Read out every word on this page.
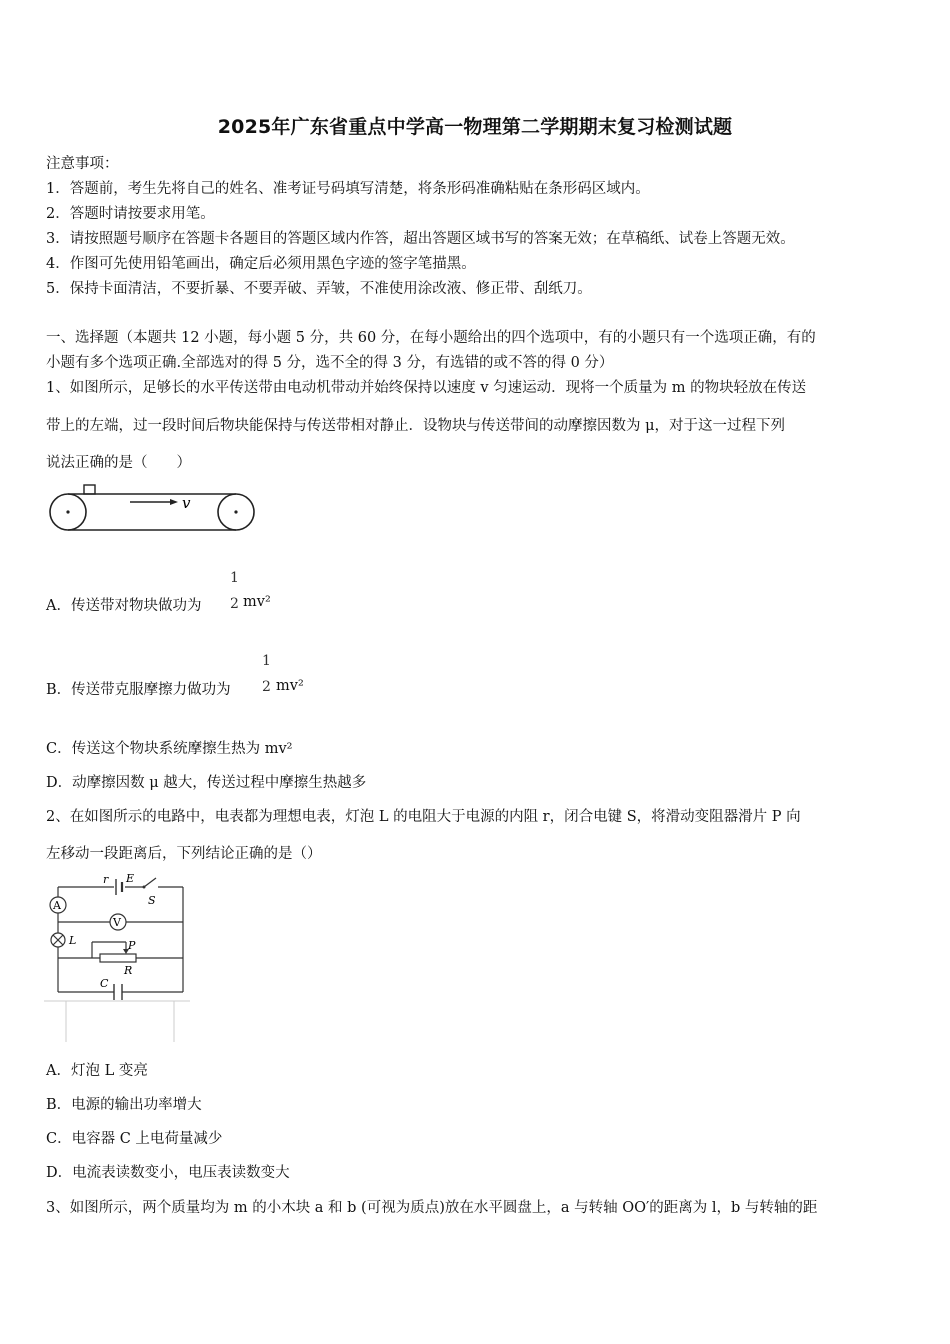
2025年广东省重点中学高一物理第二学期期末复习检测试题
注意事项：
1．答题前，考生先将自己的姓名、准考证号码填写清楚，将条形码准确粘贴在条形码区域内。
2．答题时请按要求用笔。
3．请按照题号顺序在答题卡各题目的答题区域内作答，超出答题区域书写的答案无效；在草稿纸、试卷上答题无效。
4．作图可先使用铅笔画出，确定后必须用黑色字迹的签字笔描黑。
5．保持卡面清洁，不要折暴、不要弄破、弄皱，不准使用涂改液、修正带、刮纸刀。
一、选择题（本题共 12 小题，每小题 5 分，共 60 分，在每小题给出的四个选项中，有的小题只有一个选项正确，有的
小题有多个选项正确.全部选对的得 5 分，选不全的得 3 分，有选错的或不答的得 0 分）
1、如图所示，足够长的水平传送带由电动机带动并始终保持以速度 v 匀速运动．现将一个质量为 m 的物块轻放在传送
带上的左端，过一段时间后物块能保持与传送带相对静止．设物块与传送带间的动摩擦因数为 μ，对于这一过程下列
说法正确的是（　　）
v
A．传送带对物块做功为
1
2 mv²
B．传送带克服摩擦力做功为
1
2 mv²
C．传送这个物块系统摩擦生热为 mv²
D．动摩擦因数 μ 越大，传送过程中摩擦生热越多
2、在如图所示的电路中，电表都为理想电表，灯泡 L 的电阻大于电源的内阻 r，闭合电键 S，将滑动变阻器滑片 P 向
左移动一段距离后，下列结论正确的是（）
r E
S
A
V
L	P
R
C
A．灯泡 L 变亮
B．电源的输出功率增大
C．电容器 C 上电荷量减少
D．电流表读数变小，电压表读数变大
3、如图所示，两个质量均为 m 的小木块 a 和 b (可视为质点)放在水平圆盘上，a 与转轴 OO′的距离为 l，b 与转轴的距
